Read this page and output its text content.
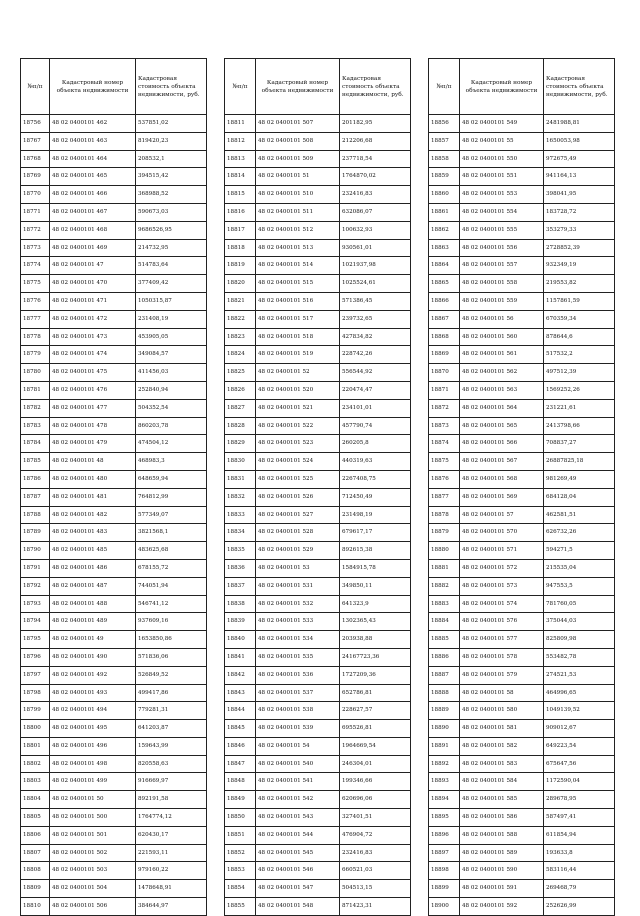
№п/п	Кадастровый номер объекта недвижимости	Кадастровая стоимость объекта недвижимости, руб.
18756	48 02 0400101 462	537851,02
18767	48 02 0400101 463	819420,23
18768	48 02 0400101 464	208532,1
18769	48 02 0400101 465	394515,42
18770	48 02 0400101 466	368988,52
18771	48 02 0400101 467	590673,03
18772	48 02 0400101 468	9686526,95
18773	48 02 0400101 469	214732,95
18774	48 02 0400101 47	514783,64
18775	48 02 0400101 470	377409,42
18776	48 02 0400101 471	1050315,87
18777	48 02 0400101 472	231408,19
18778	48 02 0400101 473	453905,05
18779	48 02 0400101 474	349084,57
18780	48 02 0400101 475	411456,03
18781	48 02 0400101 476	252840,94
18782	48 02 0400101 477	504352,54
18783	48 02 0400101 478	860203,78
18784	48 02 0400101 479	474504,12
18785	48 02 0400101 48	468983,3
18786	48 02 0400101 480	648659,94
18787	48 02 0400101 481	764812,99
18788	48 02 0400101 482	577349,07
18789	48 02 0400101 483	3821568,1
18790	48 02 0400101 485	483625,68
18791	48 02 0400101 486	678155,72
18792	48 02 0400101 487	744051,94
18793	48 02 0400101 488	546741,12
18794	48 02 0400101 489	937609,16
18795	48 02 0400101 49	1653850,86
18796	48 02 0400101 490	571836,06
18797	48 02 0400101 492	526849,52
18798	48 02 0400101 493	499417,86
18799	48 02 0400101 494	779281,31
18800	48 02 0400101 495	641203,87
18801	48 02 0400101 496	159643,99
18802	48 02 0400101 498	820558,63
18803	48 02 0400101 499	916669,97
18804	48 02 0400101 50	892191,58
18805	48 02 0400101 500	1764774,12
18806	48 02 0400101 501	620430,17
18807	48 02 0400101 502	221593,11
18808	48 02 0400101 503	979160,22
18809	48 02 0400101 504	1478648,91
18810	48 02 0400101 506	384644,97
№п/п	Кадастровый номер объекта недвижимости	Кадастровая стоимость объекта недвижимости, руб.
18811	48 02 0400101 507	201182,95
18812	48 02 0400101 508	212206,68
18813	48 02 0400101 509	237718,54
18814	48 02 0400101 51	1764870,02
18815	48 02 0400101 510	232416,83
18816	48 02 0400101 511	632086,07
18817	48 02 0400101 512	100632,93
18818	48 02 0400101 513	930561,01
18819	48 02 0400101 514	1021937,98
18820	48 02 0400101 515	1025524,61
18821	48 02 0400101 516	571386,45
18822	48 02 0400101 517	239732,65
18823	48 02 0400101 518	427834,82
18824	48 02 0400101 519	228742,26
18825	48 02 0400101 52	556544,92
18826	48 02 0400101 520	220474,47
18827	48 02 0400101 521	234101,01
18828	48 02 0400101 522	457790,74
18829	48 02 0400101 523	260205,8
18830	48 02 0400101 524	440319,63
18831	48 02 0400101 525	2267408,75
18832	48 02 0400101 526	712450,49
18833	48 02 0400101 527	231498,19
18834	48 02 0400101 528	679617,17
18835	48 02 0400101 529	892615,38
18836	48 02 0400101 53	1584915,78
18837	48 02 0400101 531	349850,11
18838	48 02 0400101 532	641323,9
18839	48 02 0400101 533	1302365,43
18840	48 02 0400101 534	203938,88
18841	48 02 0400101 535	24167723,36
18842	48 02 0400101 536	1727209,36
18843	48 02 0400101 537	652786,81
18844	48 02 0400101 538	228627,57
18845	48 02 0400101 539	695526,81
18846	48 02 0400101 54	1964669,54
18847	48 02 0400101 540	246304,01
18848	48 02 0400101 541	199346,66
18849	48 02 0400101 542	620696,06
18850	48 02 0400101 543	327401,51
18851	48 02 0400101 544	476904,72
18852	48 02 0400101 545	232416,83
18853	48 02 0400101 546	660521,03
18854	48 02 0400101 547	504513,15
18855	48 02 0400101 548	871423,31
№п/п	Кадастровый номер объекта недвижимости	Кадастровая стоимость объекта недвижимости, руб.
18856	48 02 0400101 549	2481988,81
18857	48 02 0400101 55	1650053,98
18858	48 02 0400101 550	972675,49
18859	48 02 0400101 551	941164,13
18860	48 02 0400101 553	398041,95
18861	48 02 0400101 554	183728,72
18862	48 02 0400101 555	353279,33
18863	48 02 0400101 556	2728852,39
18864	48 02 0400101 557	932349,19
18865	48 02 0400101 558	219553,82
18866	48 02 0400101 559	1157861,59
18867	48 02 0400101 56	670359,34
18868	48 02 0400101 560	878644,6
18869	48 02 0400101 561	517532,2
18870	48 02 0400101 562	497512,39
18871	48 02 0400101 563	1569252,26
18872	48 02 0400101 564	231221,61
18873	48 02 0400101 565	2413798,66
18874	48 02 0400101 566	708837,27
18875	48 02 0400101 567	26887825,18
18876	48 02 0400101 568	981269,49
18877	48 02 0400101 569	684128,04
18878	48 02 0400101 57	462581,51
18879	48 02 0400101 570	626732,26
18880	48 02 0400101 571	594271,5
18881	48 02 0400101 572	215535,04
18882	48 02 0400101 573	947553,5
18883	48 02 0400101 574	781760,05
18884	48 02 0400101 576	375044,03
18885	48 02 0400101 577	825809,98
18886	48 02 0400101 578	553482,78
18887	48 02 0400101 579	274521,53
18888	48 02 0400101 58	464996,65
18889	48 02 0400101 580	1049139,52
18890	48 02 0400101 581	909012,67
18891	48 02 0400101 582	649223,54
18892	48 02 0400101 583	675647,56
18893	48 02 0400101 584	1172590,04
18894	48 02 0400101 585	289678,95
18895	48 02 0400101 586	587497,41
18896	48 02 0400101 588	611854,94
18897	48 02 0400101 589	193633,8
18898	48 02 0400101 590	583116,44
18899	48 02 0400101 591	269468,79
18900	48 02 0400101 592	252626,99
